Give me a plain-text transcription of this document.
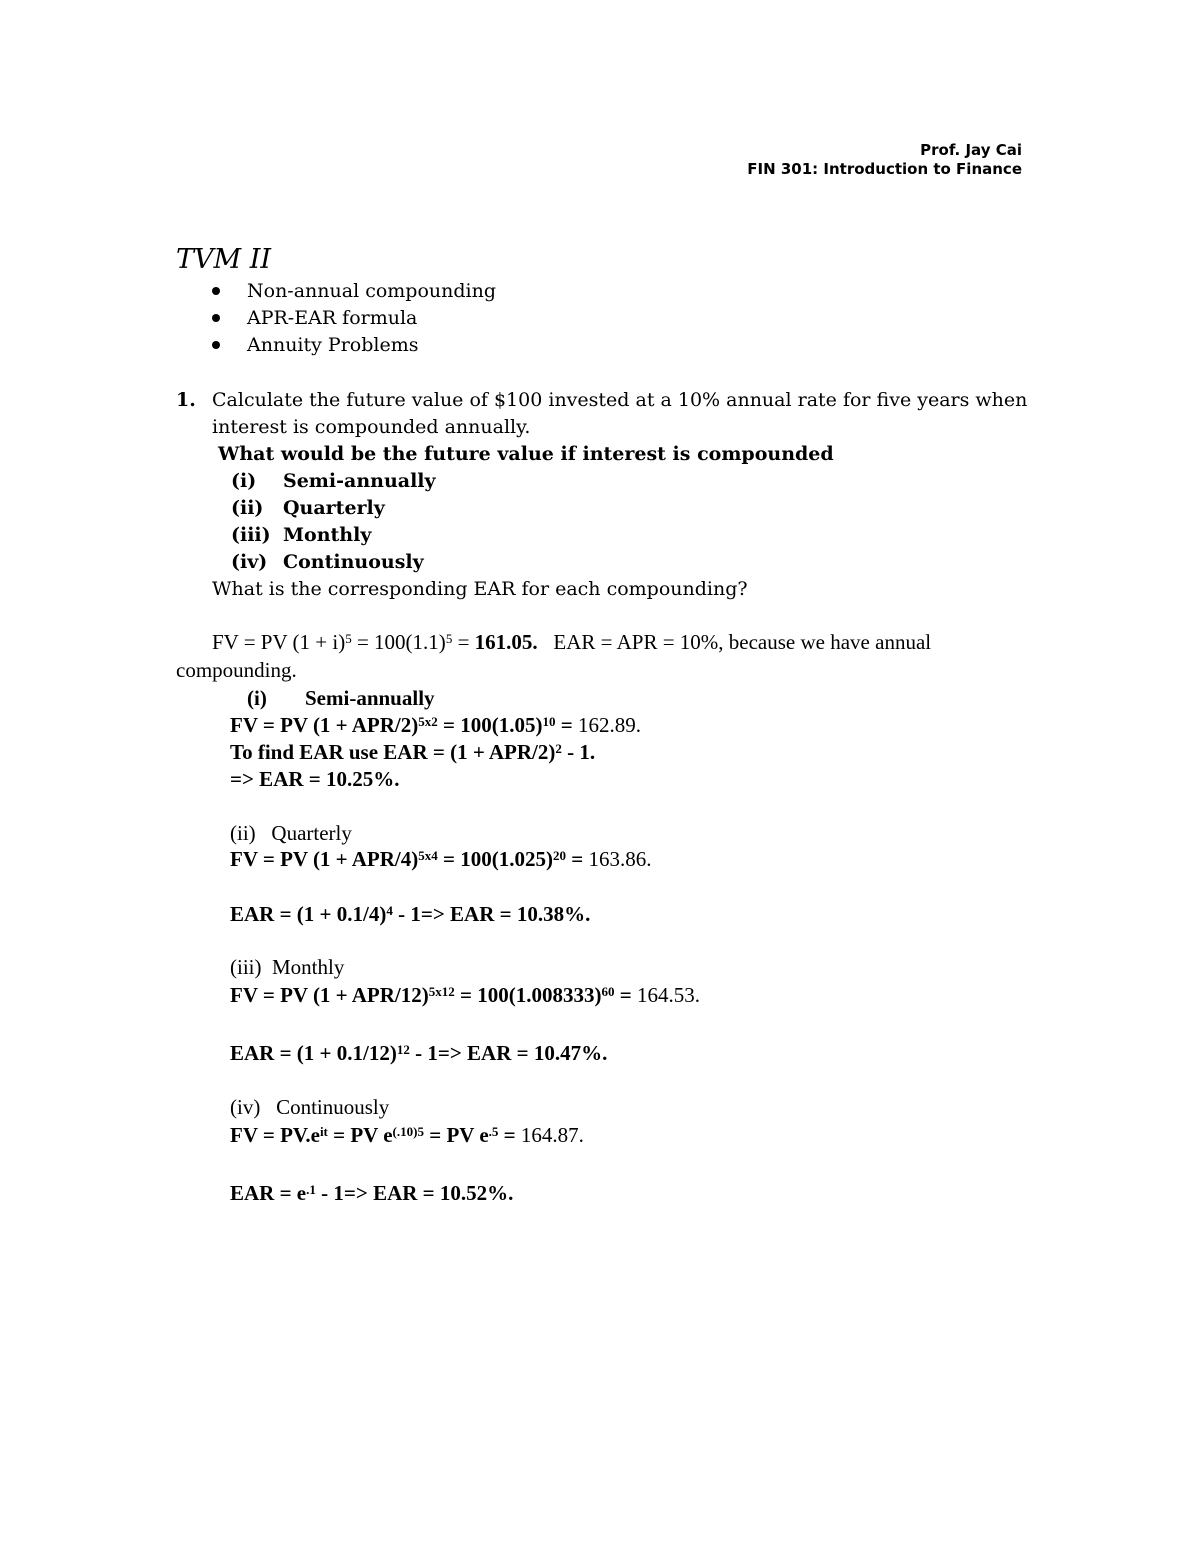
Prof. Jay Cai
FIN 301: Introduction to Finance
TVM II
Non-annual compounding
APR-EAR formula
Annuity Problems
1. Calculate the future value of $100 invested at a 10% annual rate for five years when
interest is compounded annually.
What would be the future value if interest is compounded
(i) Semi-annually
(ii) Quarterly
(iii) Monthly
(iv) Continuously
What is the corresponding EAR for each compounding?
FV = PV $(1 + i)^5 = 100(1.1)^5 = 161.05$.   EAR = APR = 10%, because we have annual
compounding.
(i) Semi-annually
FV = PV (1 + APR/$2)^{5x2} = 100(1.05)^{10} = 162.89$.
To find EAR use EAR = (1 + APR/$2)^2 - 1$.
=> EAR = 10.25%.
(ii)   Quarterly
FV = PV (1 + APR/$4)^{5x4} = 100(1.025)^{20} = 163.86$.
EAR = $(1 + 0.1/4)^4 - 1=>$ EAR = 10.38%.
(iii)  Monthly
FV = PV (1 + APR/$12)^{5x12} = 100(1.008333)^{60} = 164.53$.
EAR = $(1 + 0.1/12)^{12} - 1=>$ EAR = 10.47%.
(iv)   Continuously
FV = $PV.e^{it}$ = PV $e^{(.10)5}$ = PV $e^{.5} = 164.87$.
EAR = $e^{.1} - 1=>$ EAR = 10.52%.
